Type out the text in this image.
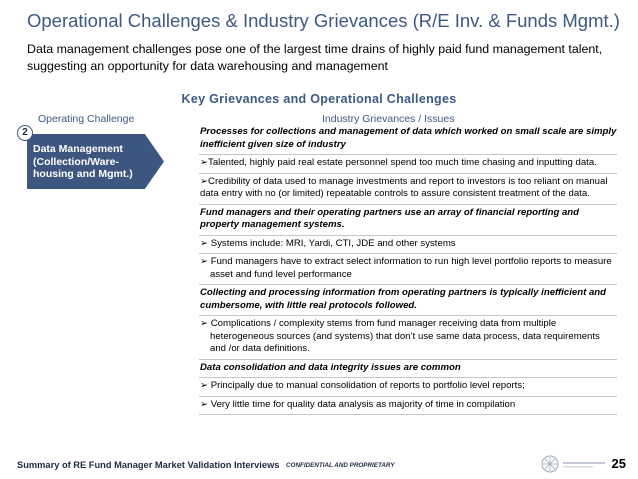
Operational Challenges & Industry Grievances (R/E Inv. & Funds Mgmt.)

Data management challenges pose one of the largest time drains of highly paid fund management talent, suggesting an opportunity for data warehousing and management

Key Grievances and Operational Challenges
Operating Challenge	Industry Grievances / Issues
Data Management (Collection/Ware-housing and Mgmt.)
2	Processes for collections and management of data which worked on small scale are simply inefficient given size of industry
➢Talented, highly paid real estate personnel spend too much time chasing and inputting data.
➢Credibility of data used to manage investments and report to investors is too reliant on manual data entry with no (or limited) repeatable controls to assure consistent treatment of the data.
Fund managers and their operating partners use an array of financial reporting and property management systems.
➢ Systems include: MRI, Yardi, CTI, JDE and other systems
➢ Fund managers have to extract select information to run high level portfolio reports to measure asset and fund level performance
Collecting and processing information from operating partners is typically inefficient and cumbersome, with little real protocols followed.
➢ Complications / complexity stems from fund manager receiving data from multiple heterogeneous sources (and systems) that don’t use same data process, data requirements and /or data definitions.
Data consolidation and data integrity issues are common
➢ Principally due to manual consolidation of reports to portfolio level reports;
➢ Very little time for quality data analysis as majority of time in compilation
Summary of RE Fund Manager Market Validation Interviews CONFIDENTIAL AND PROPRIETARY	25
